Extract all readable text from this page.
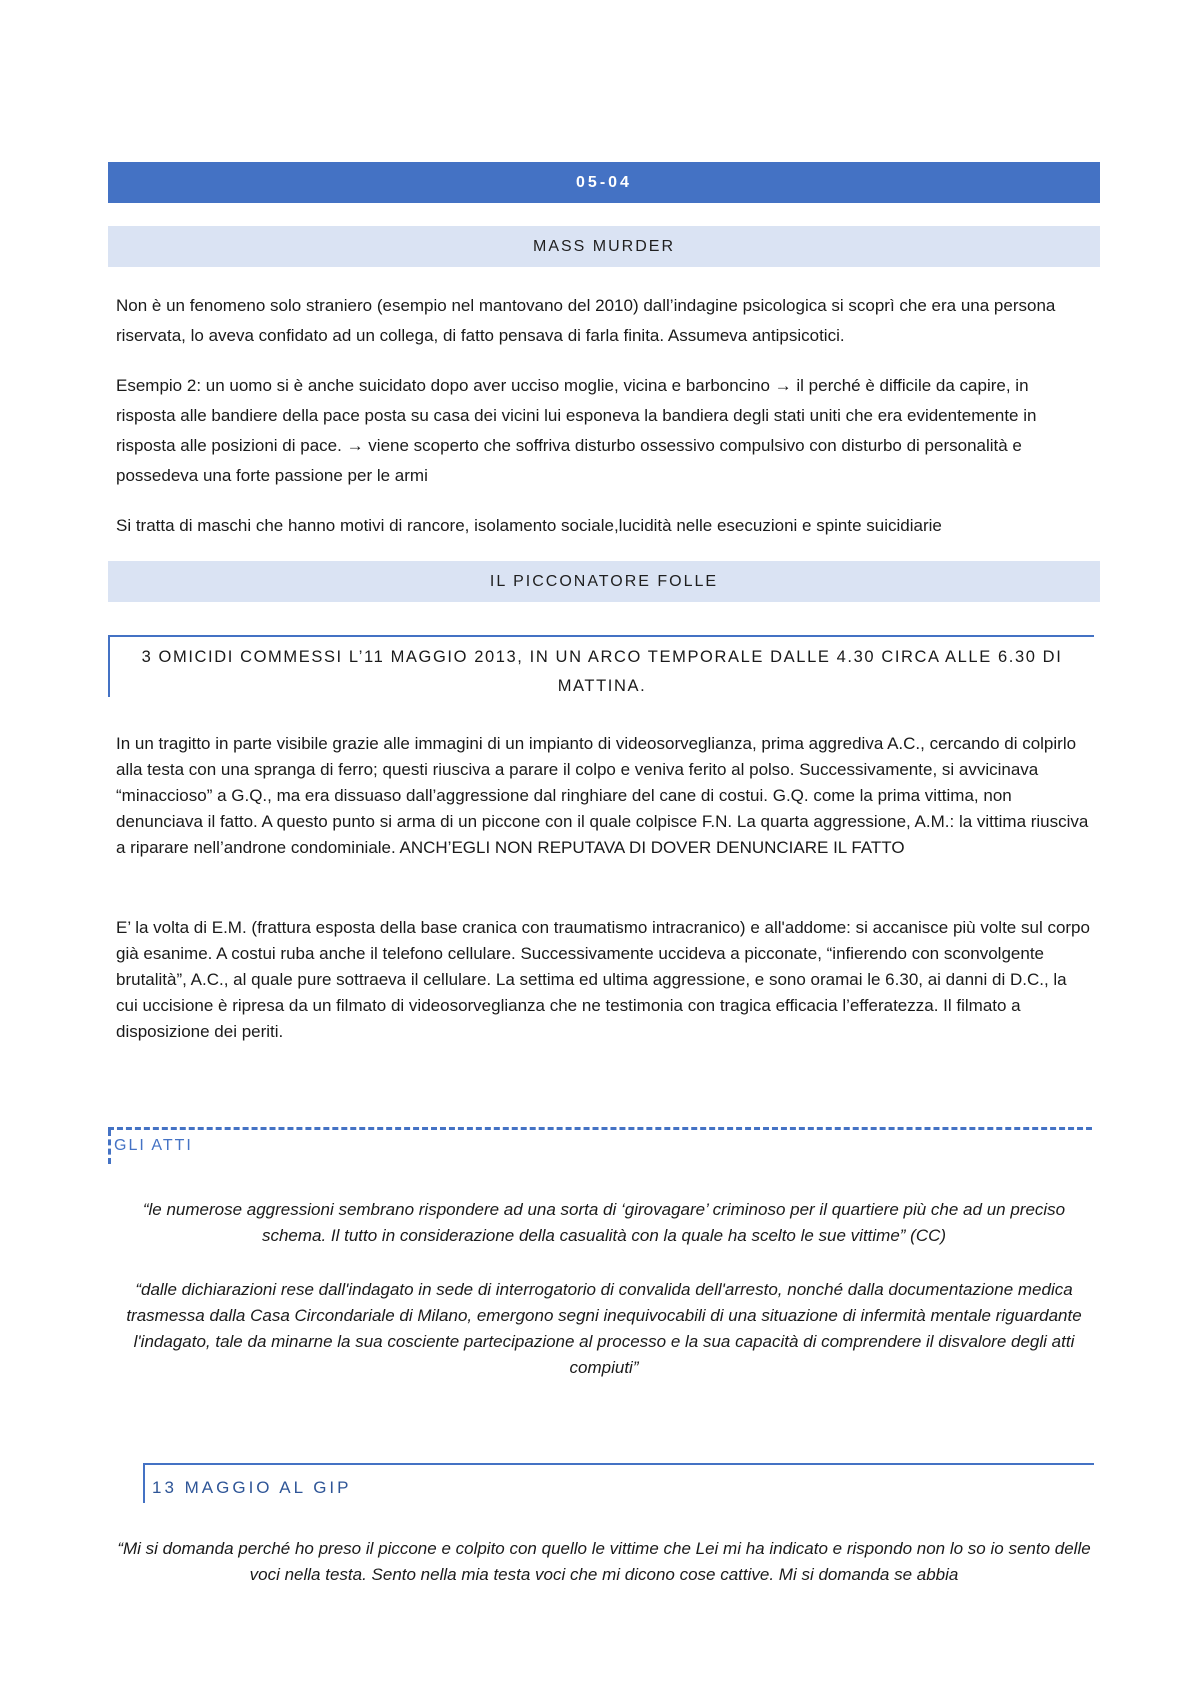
05-04
MASS MURDER

Non è un fenomeno solo straniero (esempio nel mantovano del 2010) dall’indagine psicologica si scoprì che era una persona riservata, lo aveva confidato ad un collega, di fatto pensava di farla finita. Assumeva antipsicotici.

Esempio 2: un uomo si è anche suicidato dopo aver ucciso moglie, vicina e barboncino → il perché è difficile da capire, in risposta alle bandiere della pace posta su casa dei vicini lui esponeva la bandiera degli stati uniti che era evidentemente in risposta alle posizioni di pace. → viene scoperto che soffriva disturbo ossessivo compulsivo con disturbo di personalità e possedeva una forte passione per le armi

Si tratta di maschi che hanno motivi di rancore, isolamento sociale,lucidità nelle esecuzioni e spinte suicidiarie

IL PICCONATORE FOLLE
3 OMICIDI COMMESSI L’11 MAGGIO 2013, IN UN ARCO TEMPORALE DALLE 4.30 CIRCA ALLE 6.30 DI MATTINA.

In un tragitto in parte visibile grazie alle immagini di un impianto di videosorveglianza, prima aggrediva A.C., cercando di colpirlo alla testa con una spranga di ferro; questi riusciva a parare il colpo e veniva ferito al polso. Successivamente, si avvicinava “minaccioso” a G.Q., ma era dissuaso dall’aggressione dal ringhiare del cane di costui. G.Q. come la prima vittima, non denunciava il fatto. A questo punto si arma di un piccone con il quale colpisce F.N. La quarta aggressione, A.M.: la vittima riusciva a ripararе nell’androne condominiale. ANCH’EGLI NON REPUTAVA DI DOVER DENUNCIARE IL FATTO

E’ la volta di E.M. (frattura esposta della base cranica con traumatismo intracranico) e all'addome: si accanisce più volte sul corpo già esanime. A costui ruba anche il telefono cellulare. Successivamente uccideva a picconate, “infierendo con sconvolgente brutalità”, A.C., al quale pure sottraeva il cellulare. La settima ed ultima aggressione, e sono oramai le 6.30, ai danni di D.C., la cui uccisione è ripresa da un filmato di videosorveglianza che ne testimonia con tragica efficacia l’efferatezza. Il filmato a disposizione dei periti.

GLI ATTI

“le numerose aggressioni sembrano rispondere ad una sorta di ‘girovagare’ criminoso per il quartiere più che ad un preciso schema. Il tutto in considerazione della casualità con la quale ha scelto le sue vittime” (CC)

“dalle dichiarazioni rese dall'indagato in sede di interrogatorio di convalida dell'arresto, nonché dalla documentazione medica trasmessa dalla Casa Circondariale di Milano, emergono segni inequivocabili di una situazione di infermità mentale riguardante l'indagato, tale da minarne la sua cosciente partecipazione al processo e la sua capacità di comprendere il disvalore degli atti compiuti”

13 MAGGIO AL GIP

“Mi si domanda perché ho preso il piccone e colpito con quello le vittime che Lei mi ha indicato e rispondo non lo so io sento delle voci nella testa. Sento nella mia testa voci che mi dicono cose cattive. Mi si domanda se abbia
